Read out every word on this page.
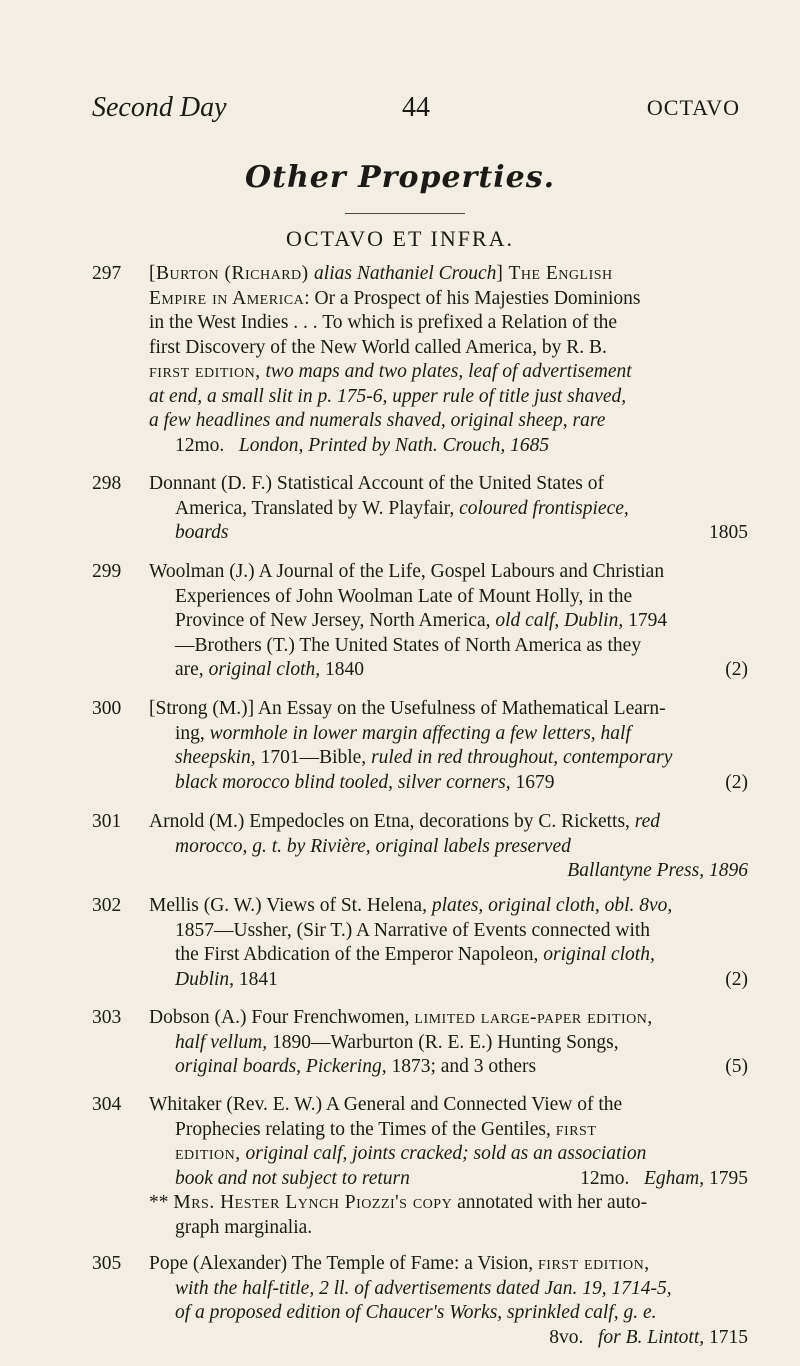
Second Day	44	OCTAVO
Other Properties.
OCTAVO ET INFRA.
297	[Burton (Richard) alias Nathaniel Crouch] The English

Empire in America: Or a Prospect of his Majesties Dominions

in the West Indies . . . To which is prefixed a Relation of the

first Discovery of the New World called America, by R. B.

first edition, two maps and two plates, leaf of advertisement

at end, a small slit in p. 175-6, upper rule of title just shaved,

a few headlines and numerals shaved, original sheep, rare

12mo. London, Printed by Nath. Crouch, 1685

298	Donnant (D. F.) Statistical Account of the United States of

America, Translated by W. Playfair, coloured frontispiece,

boards	1805

299	Woolman (J.) A Journal of the Life, Gospel Labours and Christian

Experiences of John Woolman Late of Mount Holly, in the

Province of New Jersey, North America, old calf, Dublin, 1794

—Brothers (T.) The United States of North America as they

are, original cloth, 1840	(2)

300	[Strong (M.)] An Essay on the Usefulness of Mathematical Learn-

ing, wormhole in lower margin affecting a few letters, half

sheepskin, 1701—Bible, ruled in red throughout, contemporary

black morocco blind tooled, silver corners, 1679	(2)

301	Arnold (M.) Empedocles on Etna, decorations by C. Ricketts, red

morocco, g. t. by Rivière, original labels preserved

Ballantyne Press, 1896

302	Mellis (G. W.) Views of St. Helena, plates, original cloth, obl. 8vo,

1857—Ussher, (Sir T.) A Narrative of Events connected with

the First Abdication of the Emperor Napoleon, original cloth,

Dublin, 1841	(2)

303	Dobson (A.) Four Frenchwomen, limited large-paper edition,

half vellum, 1890—Warburton (R. E. E.) Hunting Songs,

original boards, Pickering, 1873; and 3 others	(5)

304	Whitaker (Rev. E. W.) A General and Connected View of the

Prophecies relating to the Times of the Gentiles, first

edition, original calf, joints cracked; sold as an association

book and not subject to return	12mo. Egham, 1795

** Mrs. Hester Lynch Piozzi's copy annotated with her auto-

graph marginalia.

305	Pope (Alexander) The Temple of Fame: a Vision, first edition,

with the half-title, 2 ll. of advertisements dated Jan. 19, 1714-5,

of a proposed edition of Chaucer's Works, sprinkled calf, g. e.

8vo. for B. Lintott, 1715
